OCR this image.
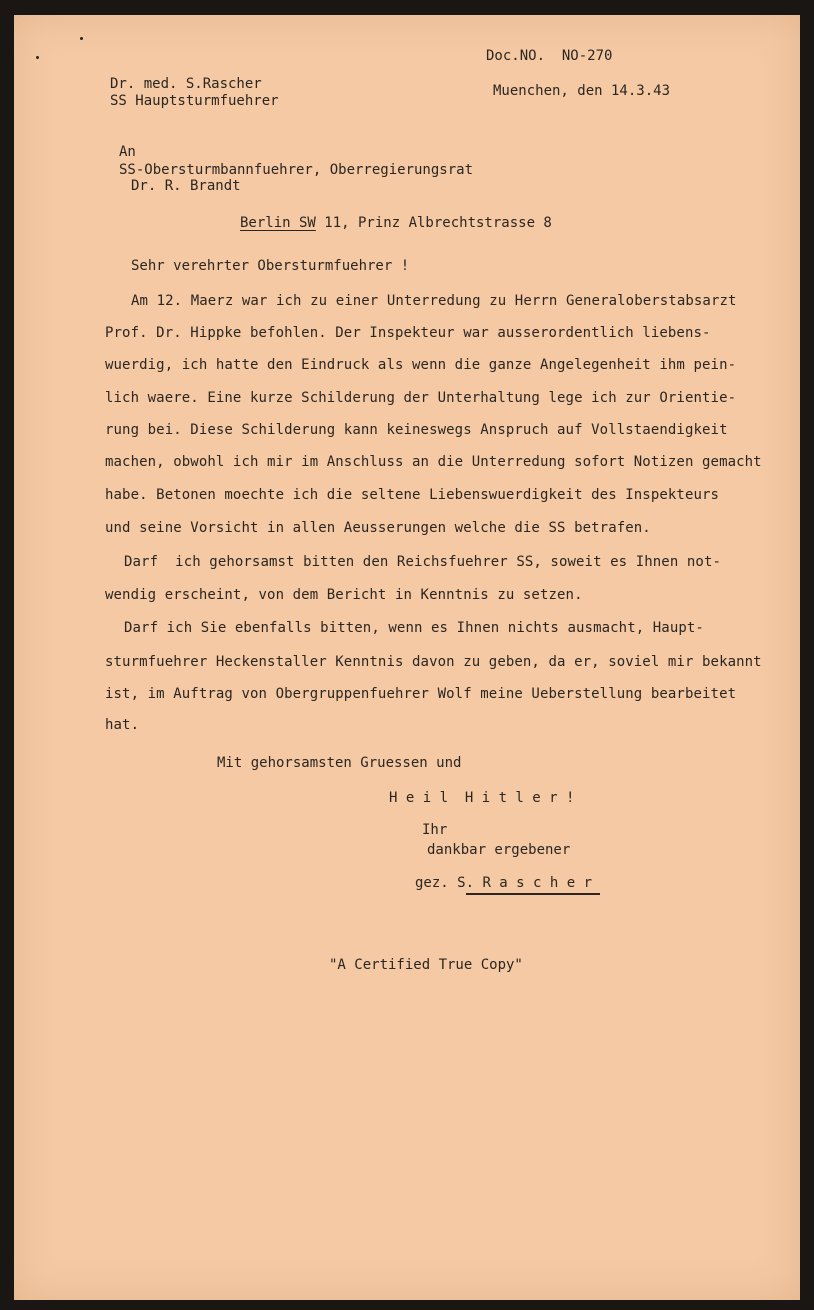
Doc.NO.  NO-270

Dr. med. S.Rascher

SS Hauptsturmfuehrer

Muenchen, den 14.3.43

An

SS-Obersturmbannfuehrer, Oberregierungsrat

Dr. R. Brandt

Berlin SW 11, Prinz Albrechtstrasse 8

Sehr verehrter Obersturmfuehrer !

Am 12. Maerz war ich zu einer Unterredung zu Herrn Generaloberstabsarzt

Prof. Dr. Hippke befohlen. Der Inspekteur war ausserordentlich liebens-

wuerdig, ich hatte den Eindruck als wenn die ganze Angelegenheit ihm pein-

lich waere. Eine kurze Schilderung der Unterhaltung lege ich zur Orientie-

rung bei. Diese Schilderung kann keineswegs Anspruch auf Vollstaendigkeit

machen, obwohl ich mir im Anschluss an die Unterredung sofort Notizen gemacht

habe. Betonen moechte ich die seltene Liebenswuerdigkeit des Inspekteurs

und seine Vorsicht in allen Aeusserungen welche die SS betrafen.

Darf  ich gehorsamst bitten den Reichsfuehrer SS, soweit es Ihnen not-

wendig erscheint, von dem Bericht in Kenntnis zu setzen.

Darf ich Sie ebenfalls bitten, wenn es Ihnen nichts ausmacht, Haupt-

sturmfuehrer Heckenstaller Kenntnis davon zu geben, da er, soviel mir bekannt

ist, im Auftrag von Obergruppenfuehrer Wolf meine Ueberstellung bearbeitet

hat.

Mit gehorsamsten Gruessen und

H e i l  H i t l e r !

Ihr

dankbar ergebener

gez. S. R a s c h e r

"A Certified True Copy"
